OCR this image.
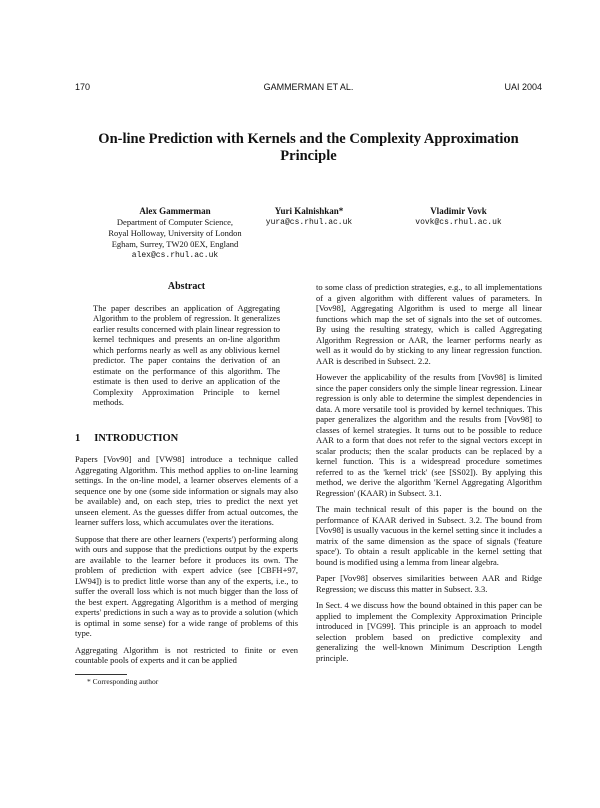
170	GAMMERMAN ET AL.	UAI 2004
On-line Prediction with Kernels and the Complexity Approximation Principle
Alex Gammerman
Department of Computer Science,
Royal Holloway, University of London
Egham, Surrey, TW20 0EX, England
alex@cs.rhul.ac.uk
Yuri Kalnishkan*
yura@cs.rhul.ac.uk
Vladimir Vovk
vovk@cs.rhul.ac.uk
Abstract

The paper describes an application of Aggregating Algorithm to the problem of regression. It generalizes earlier results concerned with plain linear regression to kernel techniques and presents an on-line algorithm which performs nearly as well as any oblivious kernel predictor. The paper contains the derivation of an estimate on the performance of this algorithm. The estimate is then used to derive an application of the Complexity Approximation Principle to kernel methods.

1 INTRODUCTION

Papers [Vov90] and [VW98] introduce a technique called Aggregating Algorithm. This method applies to on-line learning settings. In the on-line model, a learner observes elements of a sequence one by one (some side information or signals may also be available) and, on each step, tries to predict the next yet unseen element. As the guesses differ from actual outcomes, the learner suffers loss, which accumulates over the iterations.

Suppose that there are other learners ('experts') performing along with ours and suppose that the predictions output by the experts are available to the learner before it produces its own. The problem of prediction with expert advice (see [CBFH+97, LW94]) is to predict little worse than any of the experts, i.e., to suffer the overall loss which is not much bigger than the loss of the best expert. Aggregating Algorithm is a method of merging experts' predictions in such a way as to provide a solution (which is optimal in some sense) for a wide range of problems of this type.

Aggregating Algorithm is not restricted to finite or even countable pools of experts and it can be applied

* Corresponding author

to some class of prediction strategies, e.g., to all implementations of a given algorithm with different values of parameters. In [Vov98], Aggregating Algorithm is used to merge all linear functions which map the set of signals into the set of outcomes. By using the resulting strategy, which is called Aggregating Algorithm Regression or AAR, the learner performs nearly as well as it would do by sticking to any linear regression function. AAR is described in Subsect. 2.2.

However the applicability of the results from [Vov98] is limited since the paper considers only the simple linear regression. Linear regression is only able to determine the simplest dependencies in data. A more versatile tool is provided by kernel techniques. This paper generalizes the algorithm and the results from [Vov98] to classes of kernel strategies. It turns out to be possible to reduce AAR to a form that does not refer to the signal vectors except in scalar products; then the scalar products can be replaced by a kernel function. This is a widespread procedure sometimes referred to as the 'kernel trick' (see [SS02]). By applying this method, we derive the algorithm 'Kernel Aggregating Algorithm Regression' (KAAR) in Subsect. 3.1.

The main technical result of this paper is the bound on the performance of KAAR derived in Subsect. 3.2. The bound from [Vov98] is usually vacuous in the kernel setting since it includes a matrix of the same dimension as the space of signals ('feature space'). To obtain a result applicable in the kernel setting that bound is modified using a lemma from linear algebra.

Paper [Vov98] observes similarities between AAR and Ridge Regression; we discuss this matter in Subsect. 3.3.

In Sect. 4 we discuss how the bound obtained in this paper can be applied to implement the Complexity Approximation Principle introduced in [VG99]. This principle is an approach to model selection problem based on predictive complexity and generalizing the well-known Minimum Description Length principle.
